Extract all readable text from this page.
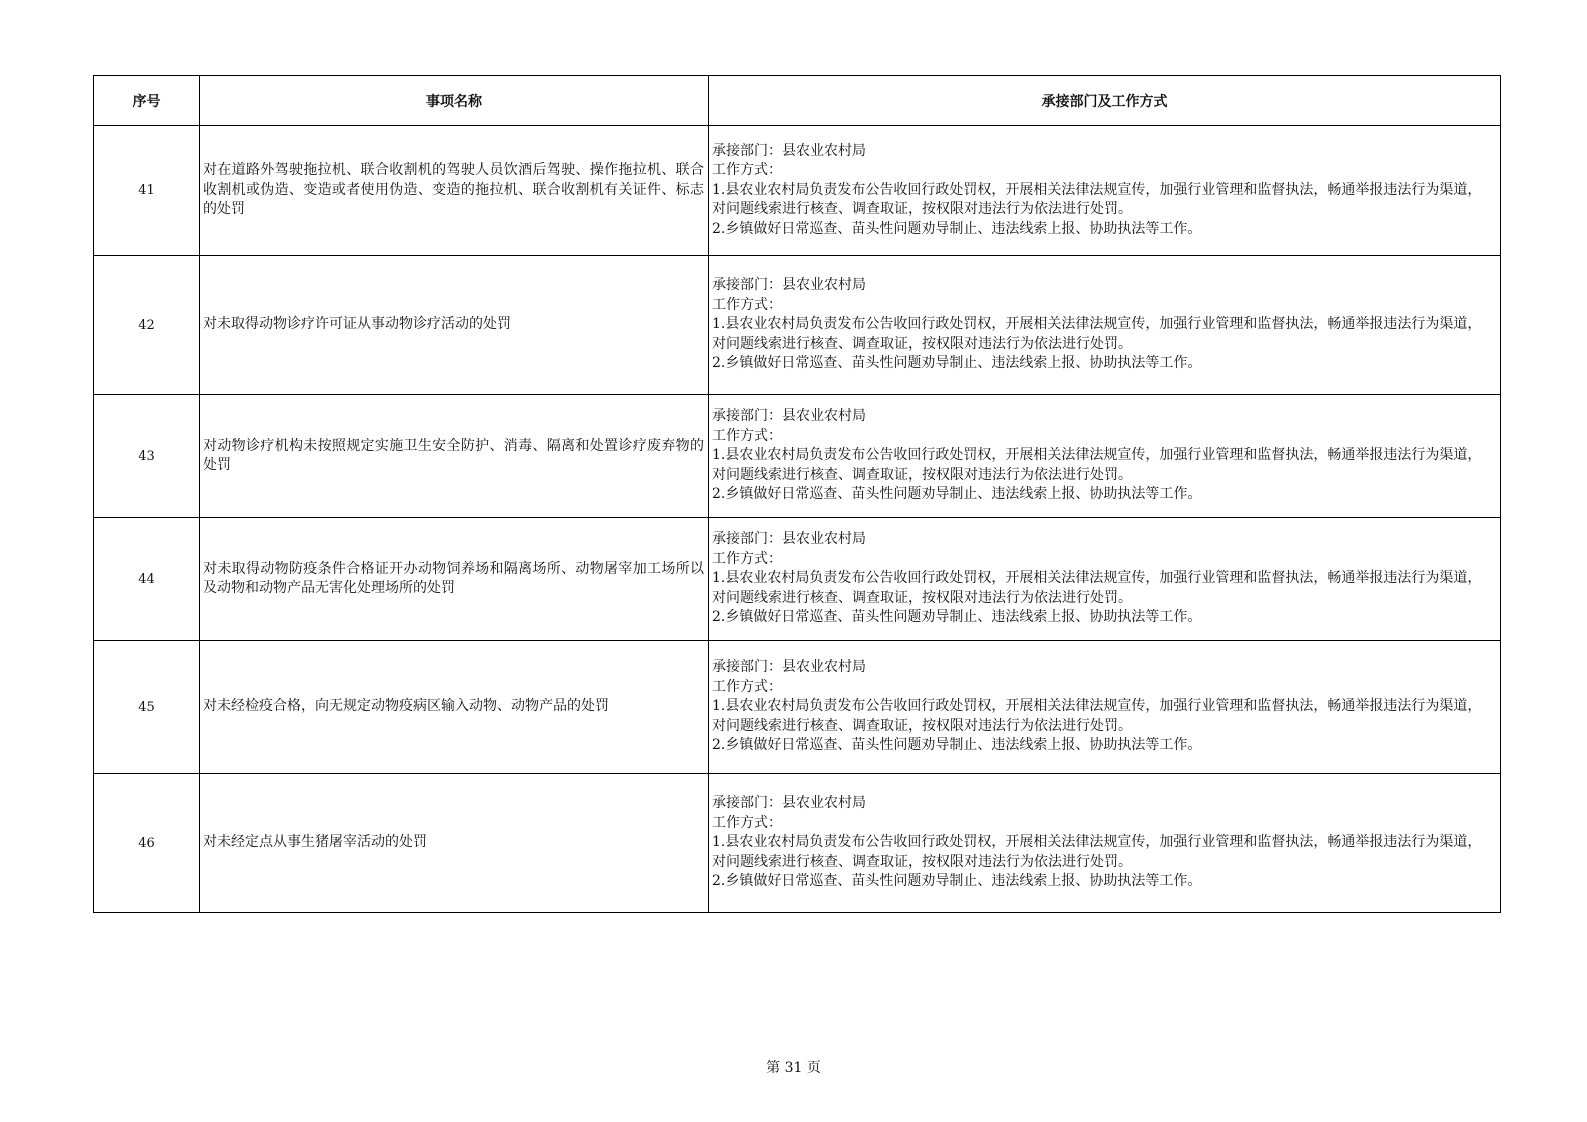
序号	事项名称	承接部门及工作方式
41	对在道路外驾驶拖拉机、联合收割机的驾驶人员饮酒后驾驶、操作拖拉机、联合收割机或伪造、变造或者使用伪造、变造的拖拉机、联合收割机有关证件、标志的处罚	承接部门：县农业农村局
工作方式：
1.县农业农村局负责发布公告收回行政处罚权，开展相关法律法规宣传，加强行业管理和监督执法，畅通举报违法行为渠道，对问题线索进行核查、调查取证，按权限对违法行为依法进行处罚。
2.乡镇做好日常巡查、苗头性问题劝导制止、违法线索上报、协助执法等工作。

42	对未取得动物诊疗许可证从事动物诊疗活动的处罚	承接部门：县农业农村局
工作方式：
1.县农业农村局负责发布公告收回行政处罚权，开展相关法律法规宣传，加强行业管理和监督执法，畅通举报违法行为渠道，对问题线索进行核查、调查取证，按权限对违法行为依法进行处罚。
2.乡镇做好日常巡查、苗头性问题劝导制止、违法线索上报、协助执法等工作。

43	对动物诊疗机构未按照规定实施卫生安全防护、消毒、隔离和处置诊疗废弃物的处罚	承接部门：县农业农村局
工作方式：
1.县农业农村局负责发布公告收回行政处罚权，开展相关法律法规宣传，加强行业管理和监督执法，畅通举报违法行为渠道，对问题线索进行核查、调查取证，按权限对违法行为依法进行处罚。
2.乡镇做好日常巡查、苗头性问题劝导制止、违法线索上报、协助执法等工作。

44	对未取得动物防疫条件合格证开办动物饲养场和隔离场所、动物屠宰加工场所以及动物和动物产品无害化处理场所的处罚	承接部门：县农业农村局
工作方式：
1.县农业农村局负责发布公告收回行政处罚权，开展相关法律法规宣传，加强行业管理和监督执法，畅通举报违法行为渠道，对问题线索进行核查、调查取证，按权限对违法行为依法进行处罚。
2.乡镇做好日常巡查、苗头性问题劝导制止、违法线索上报、协助执法等工作。

45	对未经检疫合格，向无规定动物疫病区输入动物、动物产品的处罚	承接部门：县农业农村局
工作方式：
1.县农业农村局负责发布公告收回行政处罚权，开展相关法律法规宣传，加强行业管理和监督执法，畅通举报违法行为渠道，对问题线索进行核查、调查取证，按权限对违法行为依法进行处罚。
2.乡镇做好日常巡查、苗头性问题劝导制止、违法线索上报、协助执法等工作。

46	对未经定点从事生猪屠宰活动的处罚	承接部门：县农业农村局
工作方式：
1.县农业农村局负责发布公告收回行政处罚权，开展相关法律法规宣传，加强行业管理和监督执法，畅通举报违法行为渠道，对问题线索进行核查、调查取证，按权限对违法行为依法进行处罚。
2.乡镇做好日常巡查、苗头性问题劝导制止、违法线索上报、协助执法等工作。
第 31 页
